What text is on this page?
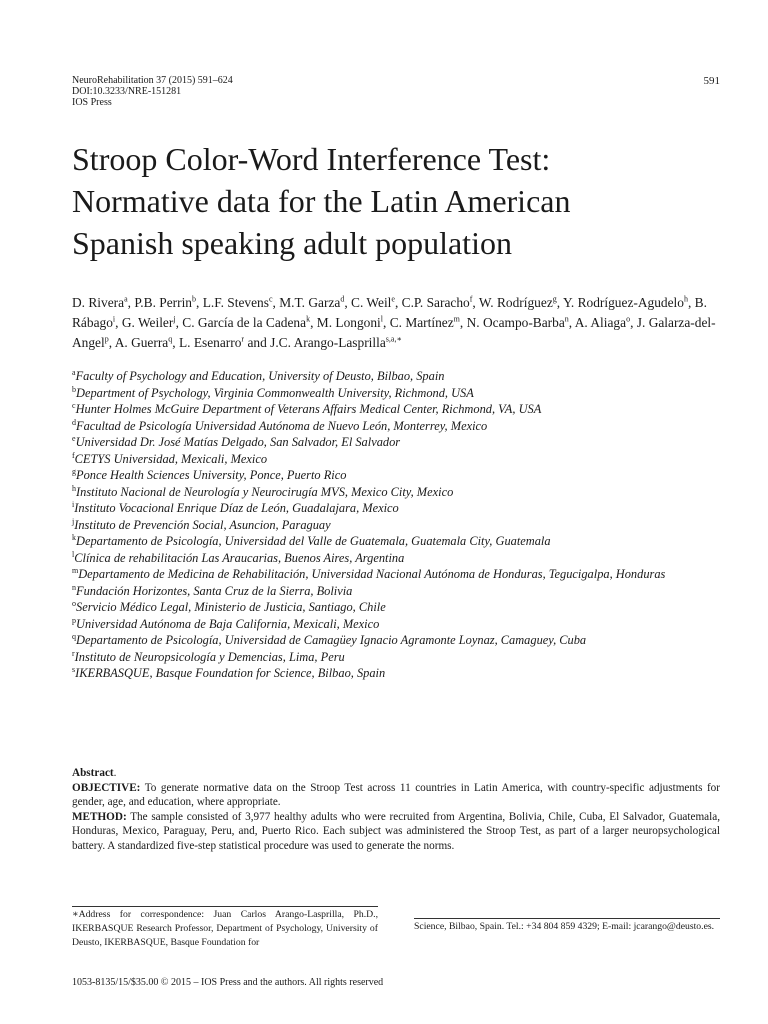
NeuroRehabilitation 37 (2015) 591–624
DOI:10.3233/NRE-151281
IOS Press
591
Stroop Color-Word Interference Test:
Normative data for the Latin American
Spanish speaking adult population
D. Rivera$^a$, P.B. Perrin$^b$, L.F. Stevens$^c$, M.T. Garza$^d$, C. Weil$^e$, C.P. Saracho$^f$, W. Rodríguez$^g$, Y. Rodríguez-Agudelo$^h$, B. Rábago$^i$, G. Weiler$^j$, C. García de la Cadena$^k$, M. Longoni$^l$, C. Martínez$^m$, N. Ocampo-Barba$^n$, A. Aliaga$^o$, J. Galarza-del-Angel$^p$, A. Guerra$^q$, L. Esenarro$^r$ and J.C. Arango-Lasprilla$^{s,a,∗}$
$^a$Faculty of Psychology and Education, University of Deusto, Bilbao, Spain
$^b$Department of Psychology, Virginia Commonwealth University, Richmond, USA
$^c$Hunter Holmes McGuire Department of Veterans Affairs Medical Center, Richmond, VA, USA
$^d$Facultad de Psicología Universidad Autónoma de Nuevo León, Monterrey, Mexico
$^e$Universidad Dr. José Matías Delgado, San Salvador, El Salvador
$^f$CETYS Universidad, Mexicali, Mexico
$^g$Ponce Health Sciences University, Ponce, Puerto Rico
$^h$Instituto Nacional de Neurología y Neurocirugía MVS, Mexico City, Mexico
$^i$Instituto Vocacional Enrique Díaz de León, Guadalajara, Mexico
$^j$Instituto de Prevención Social, Asuncion, Paraguay
$^k$Departamento de Psicología, Universidad del Valle de Guatemala, Guatemala City, Guatemala
$^l$Clínica de rehabilitación Las Araucarias, Buenos Aires, Argentina
$^m$Departamento de Medicina de Rehabilitación, Universidad Nacional Autónoma de Honduras, Tegucigalpa, Honduras
$^n$Fundación Horizontes, Santa Cruz de la Sierra, Bolivia
$^o$Servicio Médico Legal, Ministerio de Justicia, Santiago, Chile
$^p$Universidad Autónoma de Baja California, Mexicali, Mexico
$^q$Departamento de Psicología, Universidad de Camagüey Ignacio Agramonte Loynaz, Camaguey, Cuba
$^r$Instituto de Neuropsicología y Demencias, Lima, Peru
$^s$IKERBASQUE, Basque Foundation for Science, Bilbao, Spain

Abstract.

OBJECTIVE: To generate normative data on the Stroop Test across 11 countries in Latin America, with country-specific adjustments for gender, age, and education, where appropriate.

METHOD: The sample consisted of 3,977 healthy adults who were recruited from Argentina, Bolivia, Chile, Cuba, El Salvador, Guatemala, Honduras, Mexico, Paraguay, Peru, and, Puerto Rico. Each subject was administered the Stroop Test, as part of a larger neuropsychological battery. A standardized five-step statistical procedure was used to generate the norms.

∗Address for correspondence: Juan Carlos Arango-Lasprilla, Ph.D., IKERBASQUE Research Professor, Department of Psychology, University of Deusto, IKERBASQUE, Basque Foundation for
Science, Bilbao, Spain. Tel.: +34 804 859 4329; E-mail: jcarango@deusto.es.
1053-8135/15/$35.00 © 2015 – IOS Press and the authors. All rights reserved
